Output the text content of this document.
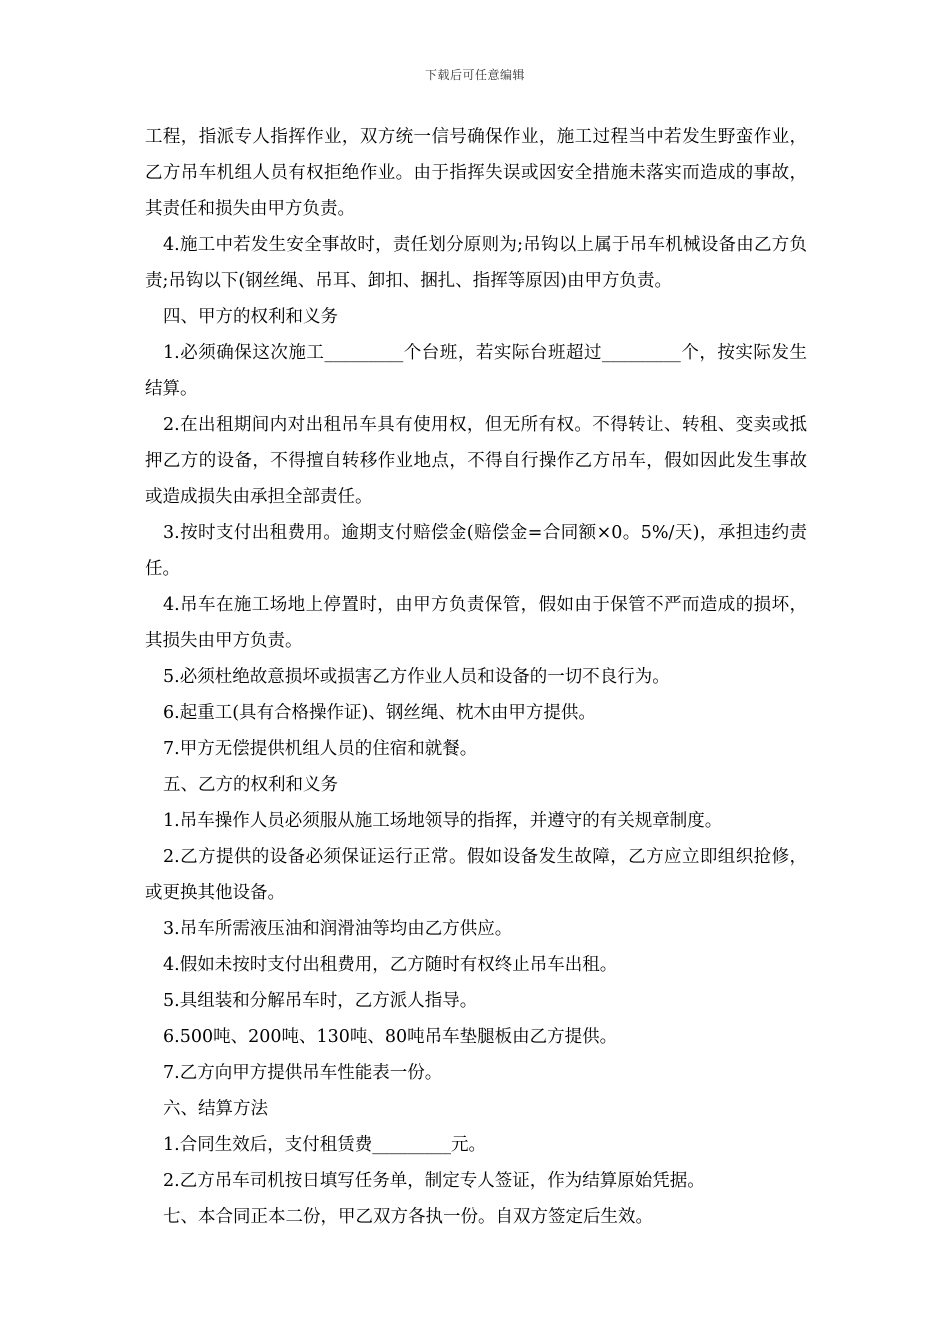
下载后可任意编辑

工程，指派专人指挥作业，双方统一信号确保作业，施工过程当中若发生野蛮作业，乙方吊车机组人员有权拒绝作业。由于指挥失误或因安全措施未落实而造成的事故，其责任和损失由甲方负责。

4.施工中若发生安全事故时，责任划分原则为;吊钩以上属于吊车机械设备由乙方负责;吊钩以下(钢丝绳、吊耳、卸扣、捆扎、指挥等原因)由甲方负责。

四、甲方的权利和义务

1.必须确保这次施工_________个台班，若实际台班超过_________个，按实际发生结算。

2.在出租期间内对出租吊车具有使用权，但无所有权。不得转让、转租、变卖或抵押乙方的设备，不得擅自转移作业地点，不得自行操作乙方吊车，假如因此发生事故或造成损失由承担全部责任。

3.按时支付出租费用。逾期支付赔偿金(赔偿金=合同额×0。5%/天)，承担违约责任。

4.吊车在施工场地上停置时，由甲方负责保管，假如由于保管不严而造成的损坏，其损失由甲方负责。

5.必须杜绝故意损坏或损害乙方作业人员和设备的一切不良行为。

6.起重工(具有合格操作证)、钢丝绳、枕木由甲方提供。

7.甲方无偿提供机组人员的住宿和就餐。

五、乙方的权利和义务

1.吊车操作人员必须服从施工场地领导的指挥，并遵守的有关规章制度。

2.乙方提供的设备必须保证运行正常。假如设备发生故障，乙方应立即组织抢修，或更换其他设备。

3.吊车所需液压油和润滑油等均由乙方供应。

4.假如未按时支付出租费用，乙方随时有权终止吊车出租。

5.具组装和分解吊车时，乙方派人指导。

6.500吨、200吨、130吨、80吨吊车垫腿板由乙方提供。

7.乙方向甲方提供吊车性能表一份。

六、结算方法

1.合同生效后，支付租赁费_________元。

2.乙方吊车司机按日填写任务单，制定专人签证，作为结算原始凭据。

七、本合同正本二份，甲乙双方各执一份。自双方签定后生效。
